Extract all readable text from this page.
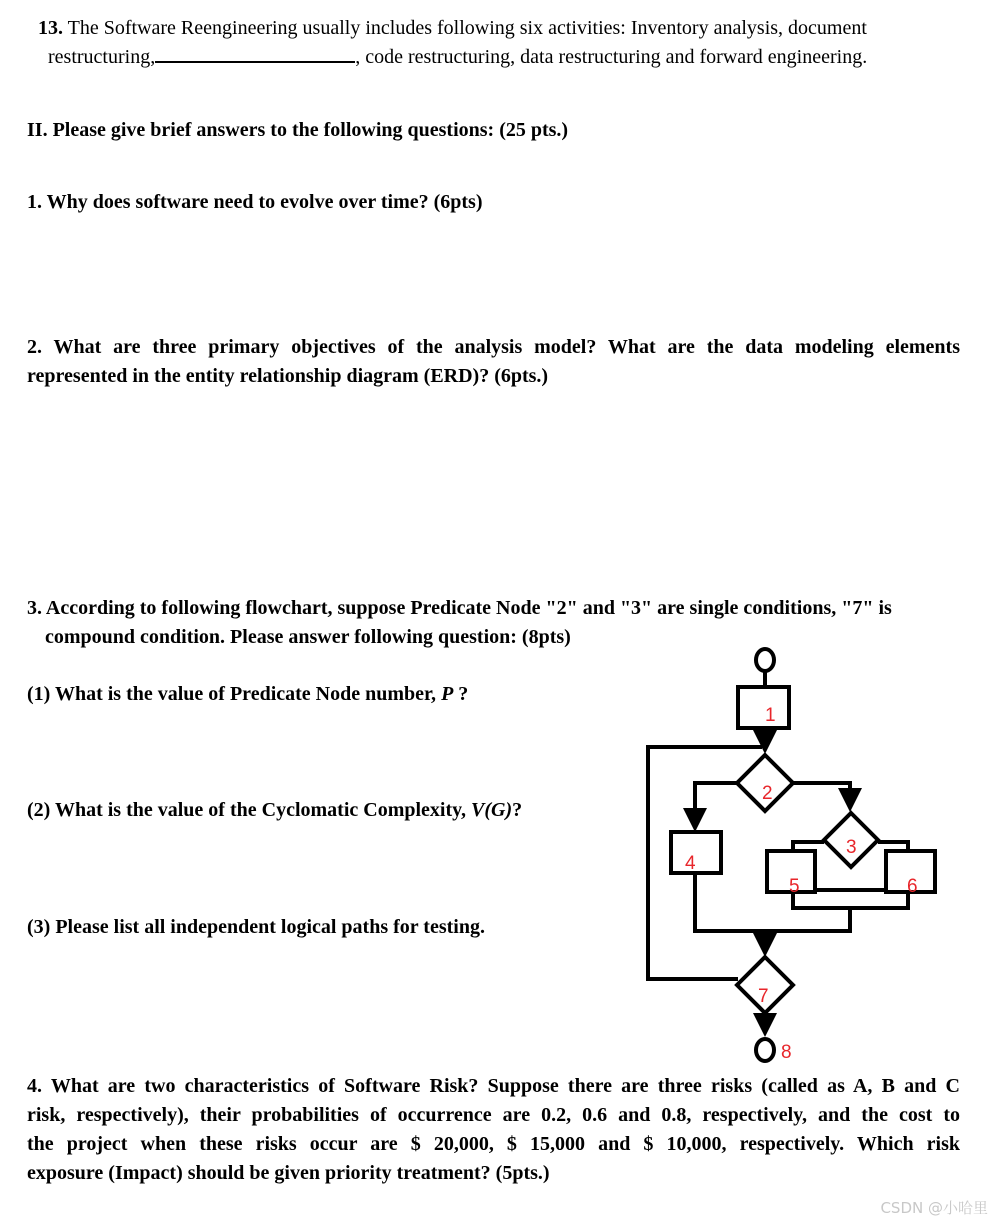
13. The Software Reengineering usually includes following six activities: Inventory analysis, document
restructuring,	, code restructuring, data restructuring and forward engineering.
II. Please give brief answers to the following questions: (25 pts.)
1. Why does software need to evolve over time? (6pts)
2. What are three primary objectives of the analysis model? What are the data modeling elements
represented in the entity relationship diagram (ERD)? (6pts.)
3. According to following flowchart, suppose Predicate Node "2" and "3" are single conditions, "7" is
compound condition. Please answer following question: (8pts)
(1) What is the value of Predicate Node number, P ?
(2) What is the value of the Cyclomatic Complexity, V(G)?
(3) Please list all independent logical paths for testing.
1
2
3
4
5	6
7
8
4. What are two characteristics of Software Risk? Suppose there are three risks (called as A, B and C
risk, respectively), their probabilities of occurrence are 0.2, 0.6 and 0.8, respectively, and the cost to
the project when these risks occur are $ 20,000, $ 15,000 and $ 10,000, respectively. Which risk
exposure (Impact) should be given priority treatment? (5pts.)
CSDN @小哈里
